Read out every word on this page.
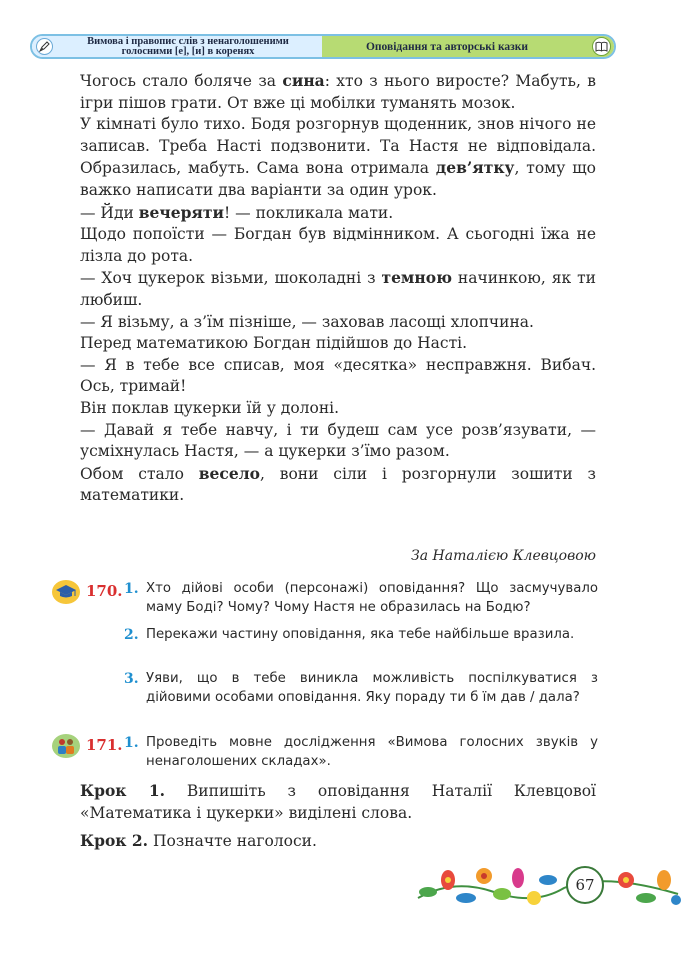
Вимова і правопис слів з ненаголошеними голосними [е], [и] в коренях	Оповідання та авторські казки

Чогось стало боляче за сина: хто з нього виросте? Мабуть, в ігри пішов грати. От вже ці мобілки туманять мозок.

У кімнаті було тихо. Бодя розгорнув щоденник, знов нічого не записав. Треба Насті подзвонити. Та Настя не відповідала. Образилась, мабуть. Сама вона отримала дев’ятку, тому що важко написати два варіанти за один урок.

— Йди вечеряти! — покликала мати.

Щодо попоїсти — Богдан був відмінником. А сьогодні їжа не лізла до рота.

— Хоч цукерок візьми, шоколадні з темною начинкою, як ти любиш.

— Я візьму, а з’їм пізніше, — заховав ласощі хлопчина.

Перед математикою Богдан підійшов до Насті.

— Я в тебе все списав, моя «десятка» несправжня. Вибач. Ось, тримай!

Він поклав цукерки їй у долоні.

— Давай я тебе навчу, і ти будеш сам усе розв’язувати, — усміхнулась Настя, — а цукерки з’їмо разом.

Обом стало весело, вони сіли і розгорнули зошити з математики.

За Наталією Клевцовою
170. 1. Хто дійові особи (персонажі) оповідання? Що засмучувало маму Боді? Чому? Чому Настя не образилась на Бодю?
2. Перекажи частину оповідання, яка тебе найбільше вразила.
3. Уяви, що в тебе виникла можливість поспілкуватися з дійовими особами оповідання. Яку пораду ти б їм дав / дала?
171. 1. Проведіть мовне дослідження «Вимова голосних звуків у ненаголошених складах».

Крок 1. Випишіть з оповідання Наталії Клевцової «Математика і цукерки» виділені слова.

Крок 2. Позначте наголоси.

67
